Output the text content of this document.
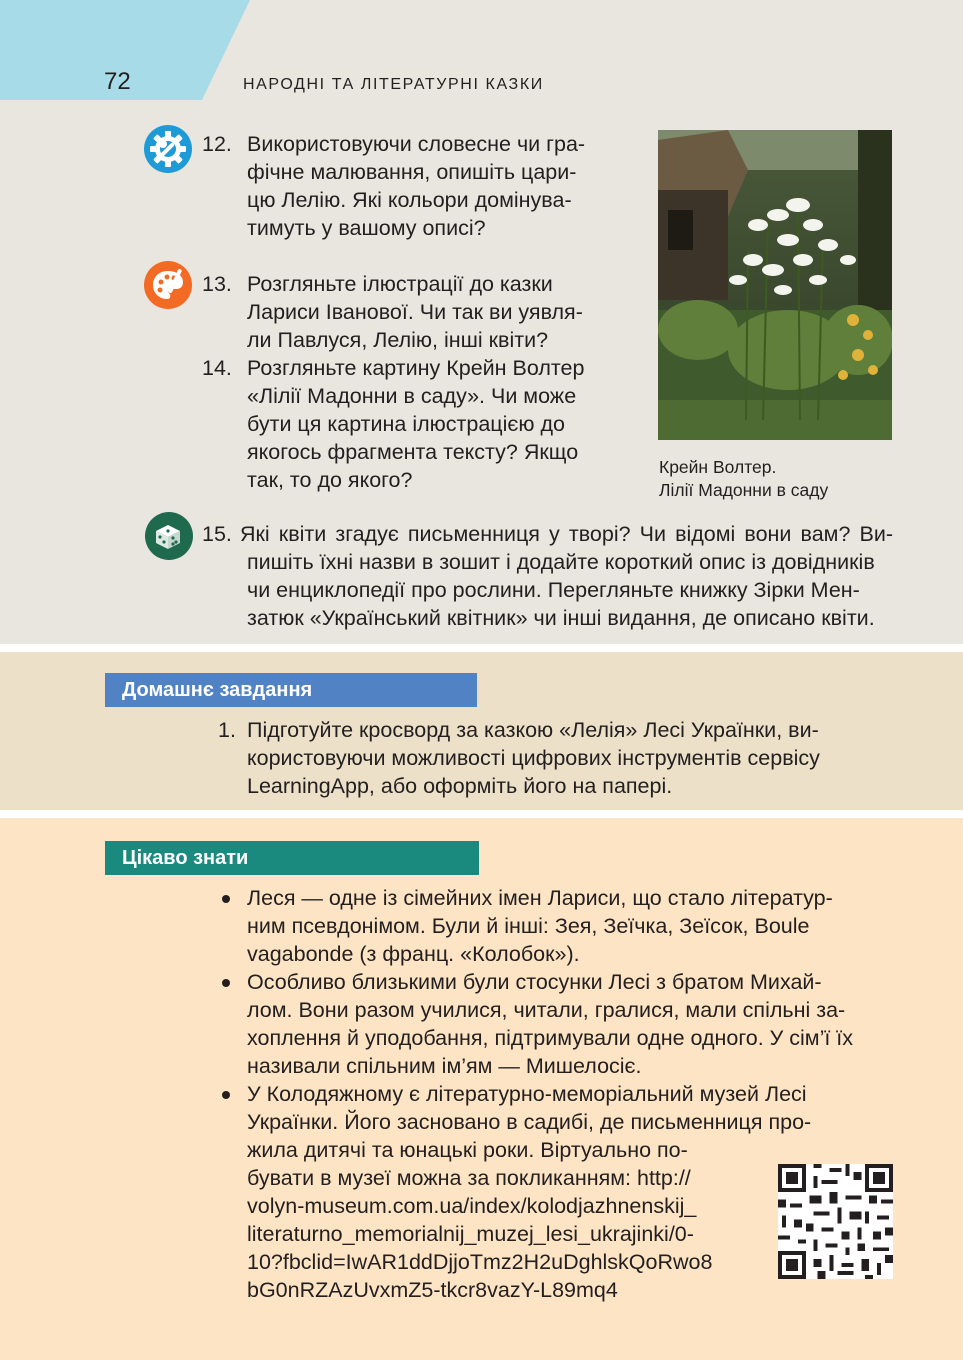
72	НАРОДНІ ТА ЛІТЕРАТУРНІ КАЗКИ
12. Використовуючи словесне чи гра-
фічне малювання, опишіть цари-
цю Лелію. Які кольори домінува-
тимуть у вашому описі?
13. Розгляньте ілюстрації до казки
Лариси Іванової. Чи так ви уявля-
ли Павлуся, Лелію, інші квіти?
14. Розгляньте картину Крейн Волтер
«Лілії Мадонни в саду». Чи може
бути ця картина ілюстрацією до
якогось фрагмента тексту? Якщо
так, то до якого?
Крейн Волтер.
Лілії Мадонни в саду
15. Які квіти згадує письменниця у творі? Чи відомі вони вам? Ви-
пишіть їхні назви в зошит і додайте короткий опис із довідників
чи енциклопедії про рослини. Перегляньте книжку Зірки Мен-
затюк «Український квітник» чи інші видання, де описано квіти.
Домашнє завдання
1. Підготуйте кросворд за казкою «Лелія» Лесі Українки, ви-
користовуючи можливості цифрових інструментів сервісу
LearningApp, або оформіть його на папері.
Цікаво знати
Леся — одне із сімейних імен Лариси, що стало літератур-
ним псевдонімом. Були й інші: Зея, Зеїчка, Зеїсок, Boule
vagabonde (з франц. «Колобок»).
Особливо близькими були стосунки Лесі з братом Михай-
лом. Вони разом училися, читали, гралися, мали спільні за-
хоплення й уподобання, підтримували одне одного. У сім’ї їх
називали спільним ім’ям — Мишелосіє.
У Колодяжному є літературно-меморіальний музей Лесі
Українки. Його засновано в садибі, де письменниця про-
жила дитячі та юнацькі роки. Віртуально по-
бувати в музеї можна за покликанням: http://
volyn-museum.com.ua/index/kolodjazhnenskij_
literaturno_memorialnij_muzej_lesi_ukrajinki/0-
10?fbclid=IwAR1ddDjjoTmz2H2uDghlskQoRwo8
bG0nRZAzUvxmZ5-tkcr8vazY-L89mq4
